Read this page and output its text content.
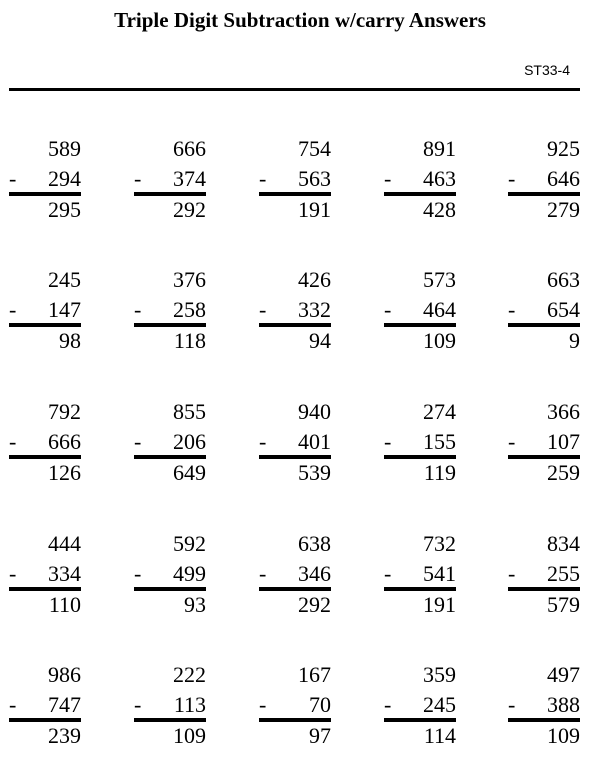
Triple Digit Subtraction w/carry Answers
ST33-4
589
- 294
295
666
- 374
292
754
- 563
191
891
- 463
428
925
- 646
279
245
- 147
98
376
- 258
118
426
- 332
94
573
- 464
109
663
- 654
9
792
- 666
126
855
- 206
649
940
- 401
539
274
- 155
119
366
- 107
259
444
- 334
110
592
- 499
93
638
- 346
292
732
- 541
191
834
- 255
579
986
- 747
239
222
- 113
109
167
- 70
97
359
- 245
114
497
- 388
109
